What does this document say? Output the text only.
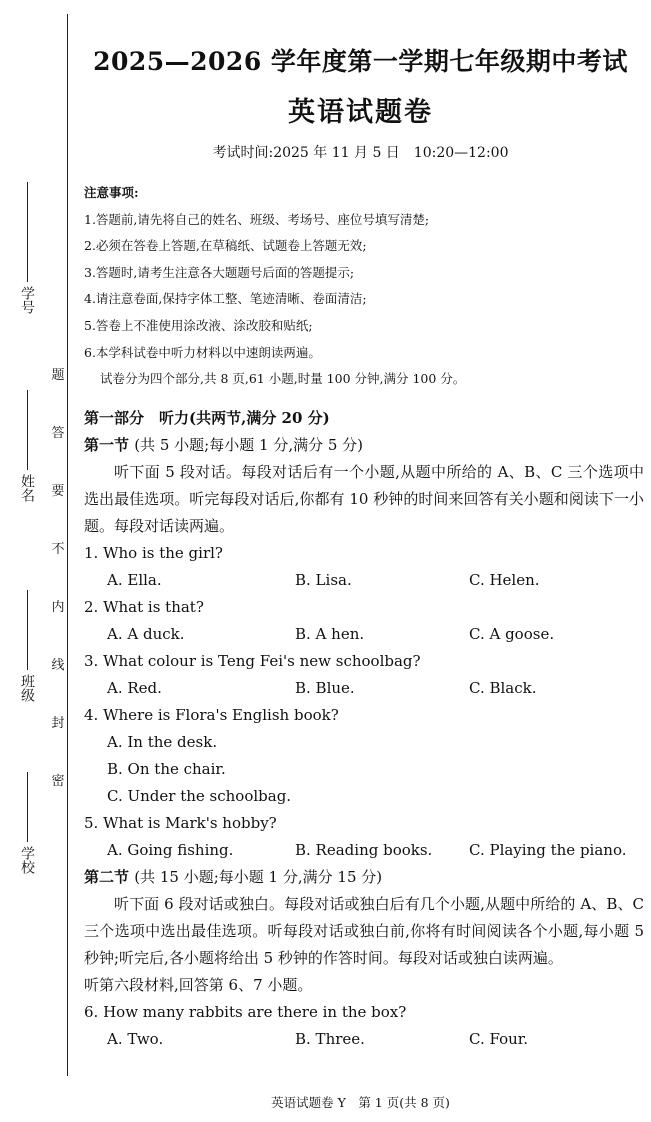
学号
姓名
班级
学校
题
答
要
不
内
线
封
密
2025—2026 学年度第一学期七年级期中考试
英语试题卷
考试时间:2025 年 11 月 5 日　10:20—12:00
注意事项:
1.答题前,请先将自己的姓名、班级、考场号、座位号填写清楚;
2.必须在答卷上答题,在草稿纸、试题卷上答题无效;
3.答题时,请考生注意各大题题号后面的答题提示;
4.请注意卷面,保持字体工整、笔迹清晰、卷面清洁;
5.答卷上不准使用涂改液、涂改胶和贴纸;
6.本学科试卷中听力材料以中速朗读两遍。
试卷分为四个部分,共 8 页,61 小题,时量 100 分钟,满分 100 分。
第一部分　听力(共两节,满分 20 分)
第一节 (共 5 小题;每小题 1 分,满分 5 分)
听下面 5 段对话。每段对话后有一个小题,从题中所给的 A、B、C 三个选项中选出最佳选项。听完每段对话后,你都有 10 秒钟的时间来回答有关小题和阅读下一小题。每段对话读两遍。
1. Who is the girl?
A. Ella.	B. Lisa.	C. Helen.
2. What is that?
A. A duck.	B. A hen.	C. A goose.
3. What colour is Teng Fei's new schoolbag?
A. Red.	B. Blue.	C. Black.
4. Where is Flora's English book?
A. In the desk.
B. On the chair.
C. Under the schoolbag.
5. What is Mark's hobby?
A. Going fishing.	B. Reading books. C. Playing the piano.
第二节 (共 15 小题;每小题 1 分,满分 15 分)
听下面 6 段对话或独白。每段对话或独白后有几个小题,从题中所给的 A、B、C 三个选项中选出最佳选项。听每段对话或独白前,你将有时间阅读各个小题,每小题 5 秒钟;听完后,各小题将给出 5 秒钟的作答时间。每段对话或独白读两遍。
听第六段材料,回答第 6、7 小题。
6. How many rabbits are there in the box?
A. Two.	B. Three.	C. Four.
英语试题卷 Y　第 1 页(共 8 页)
